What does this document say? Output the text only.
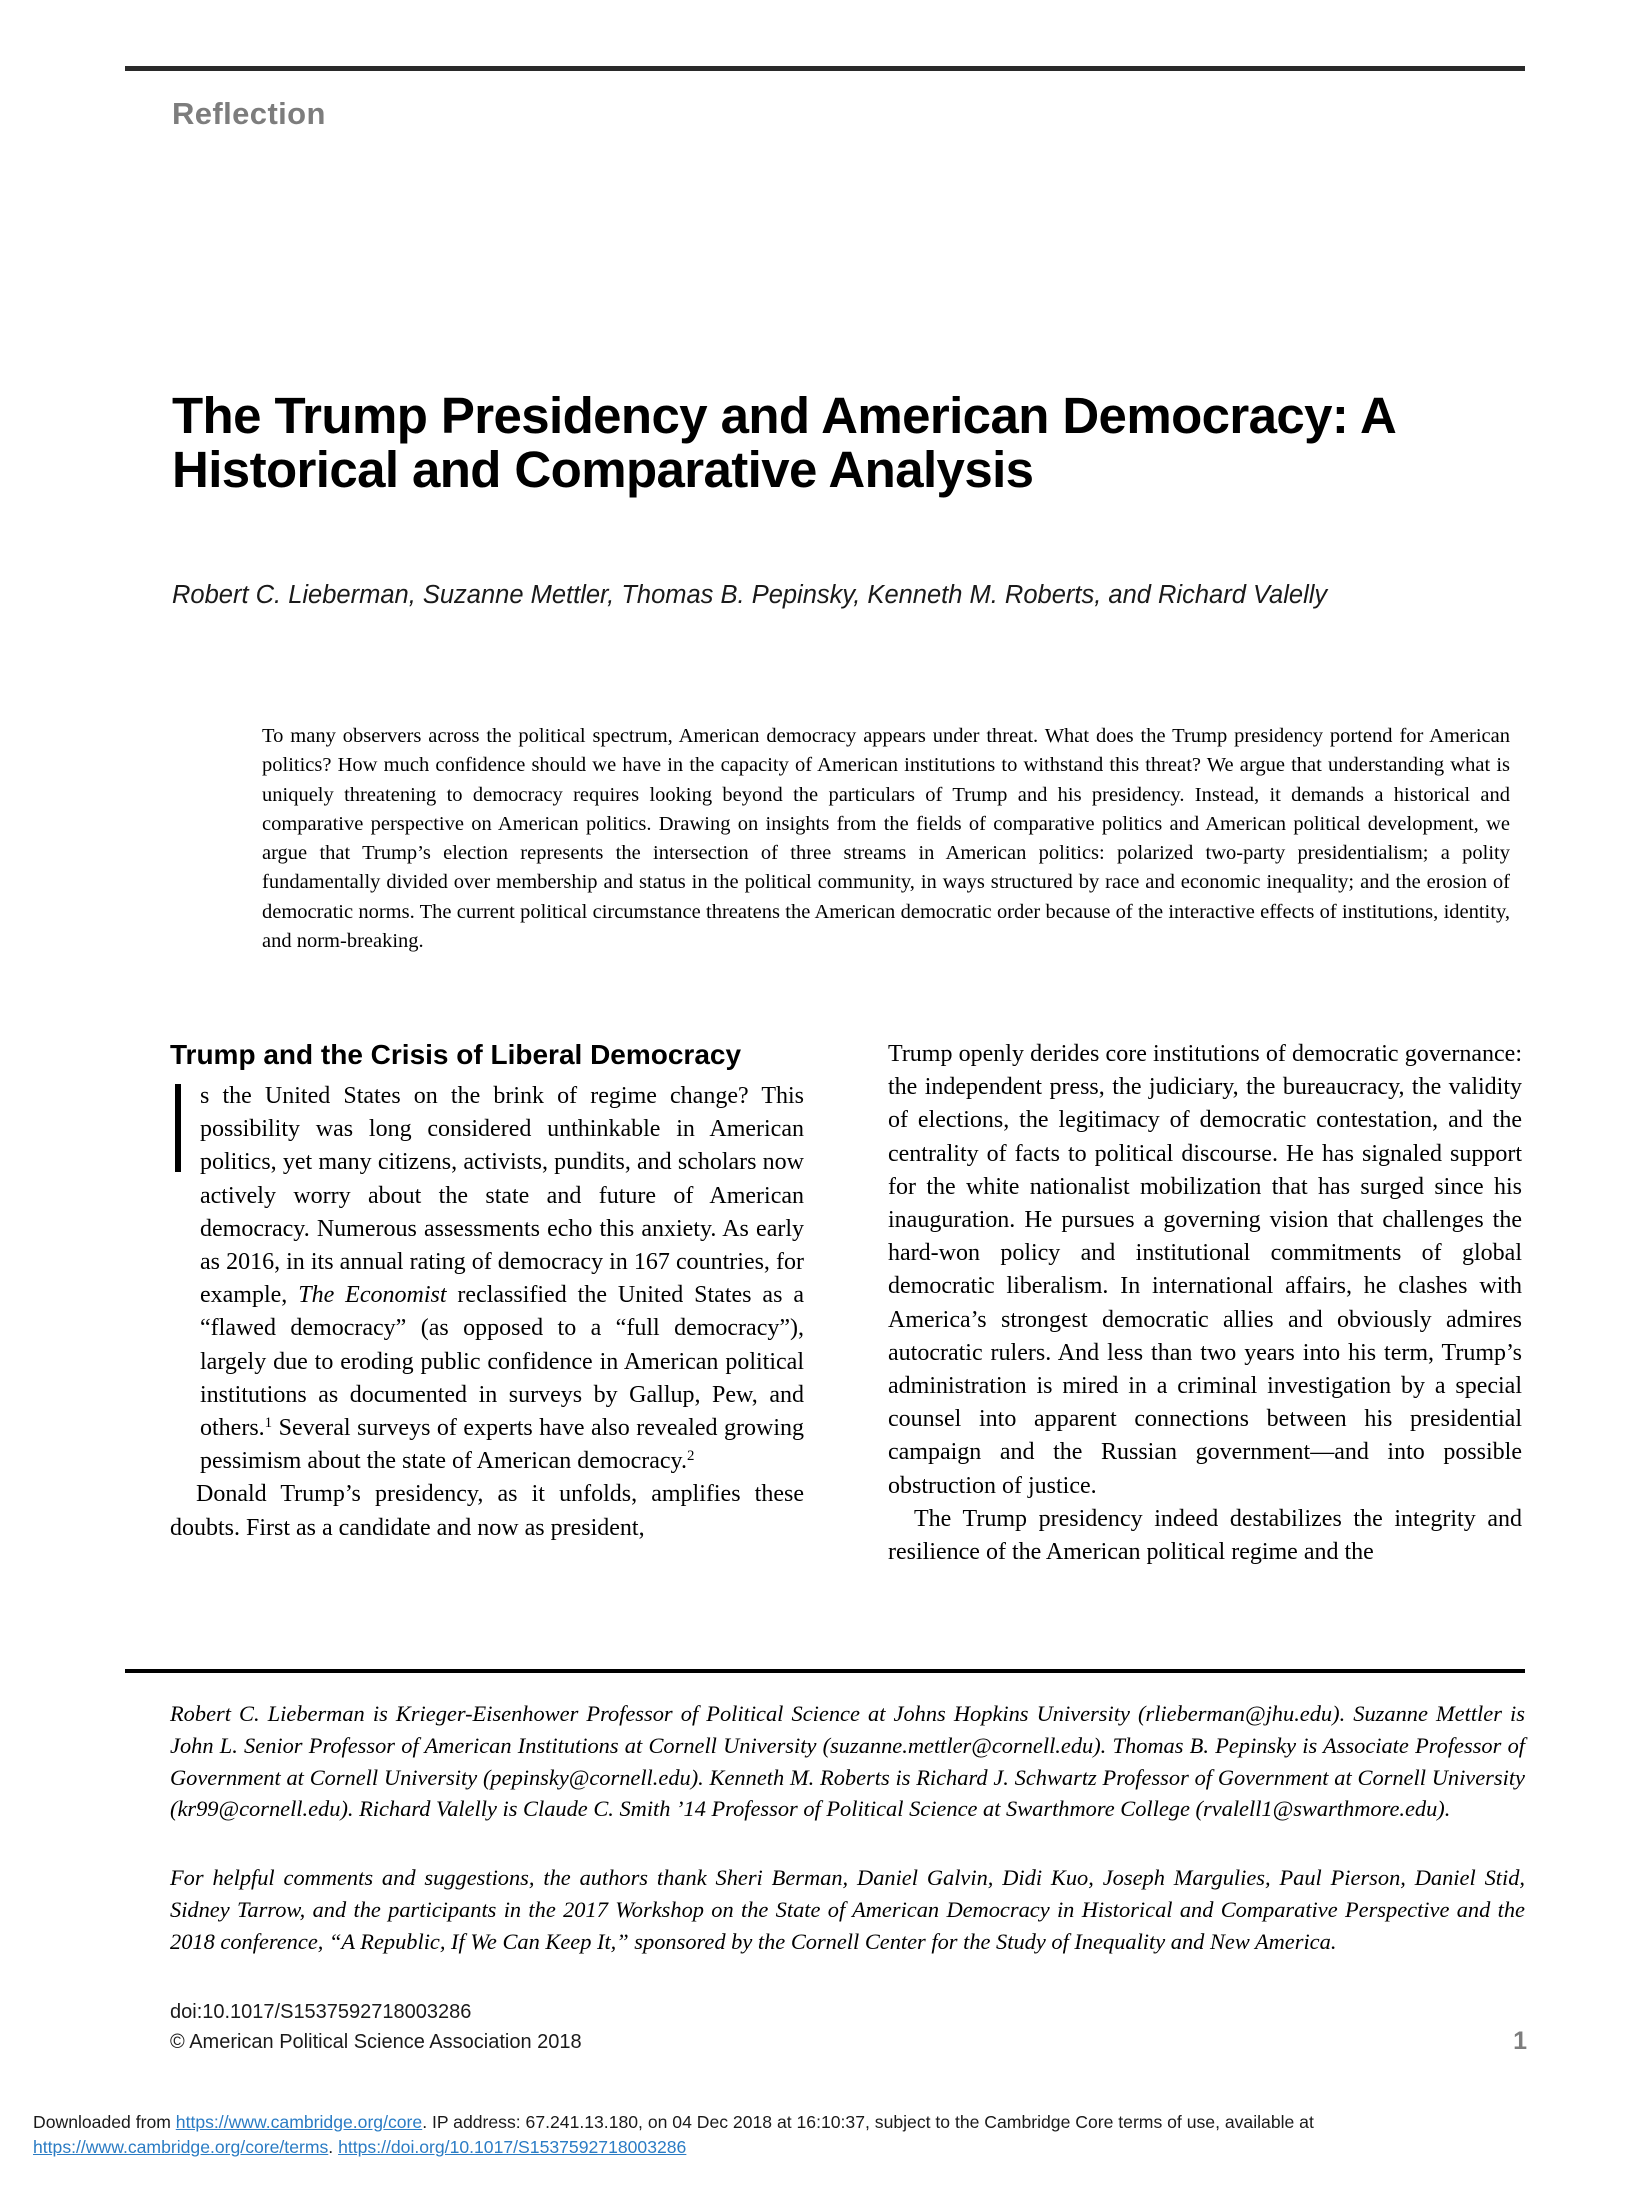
Reflection
The Trump Presidency and American Democracy: A Historical and Comparative Analysis
Robert C. Lieberman, Suzanne Mettler, Thomas B. Pepinsky, Kenneth M. Roberts, and Richard Valelly
To many observers across the political spectrum, American democracy appears under threat. What does the Trump presidency portend for American politics? How much confidence should we have in the capacity of American institutions to withstand this threat? We argue that understanding what is uniquely threatening to democracy requires looking beyond the particulars of Trump and his presidency. Instead, it demands a historical and comparative perspective on American politics. Drawing on insights from the fields of comparative politics and American political development, we argue that Trump’s election represents the intersection of three streams in American politics: polarized two-party presidentialism; a polity fundamentally divided over membership and status in the political community, in ways structured by race and economic inequality; and the erosion of democratic norms. The current political circumstance threatens the American democratic order because of the interactive effects of institutions, identity, and norm-breaking.
Trump and the Crisis of Liberal Democracy

s the United States on the brink of regime change? This possibility was long considered unthinkable in American politics, yet many citizens, activists, pundits, and scholars now actively worry about the state and future of American democracy. Numerous assessments echo this anxiety. As early as 2016, in its annual rating of democracy in 167 countries, for example, The Economist reclassified the United States as a “flawed democracy” (as opposed to a “full democracy”), largely due to eroding public confidence in American political institutions as documented in surveys by Gallup, Pew, and others.$^1$ Several surveys of experts have also revealed growing pessimism about the state of American democracy.$^2$

Donald Trump’s presidency, as it unfolds, amplifies these doubts. First as a candidate and now as president,

Trump openly derides core institutions of democratic governance: the independent press, the judiciary, the bureaucracy, the validity of elections, the legitimacy of democratic contestation, and the centrality of facts to political discourse. He has signaled support for the white nationalist mobilization that has surged since his inauguration. He pursues a governing vision that challenges the hard-won policy and institutional commitments of global democratic liberalism. In international affairs, he clashes with America’s strongest democratic allies and obviously admires autocratic rulers. And less than two years into his term, Trump’s administration is mired in a criminal investigation by a special counsel into apparent connections between his presidential campaign and the Russian government—and into possible obstruction of justice.

The Trump presidency indeed destabilizes the integrity and resilience of the American political regime and the

Robert C. Lieberman is Krieger-Eisenhower Professor of Political Science at Johns Hopkins University (rlieberman@jhu.edu). Suzanne Mettler is John L. Senior Professor of American Institutions at Cornell University (suzanne.mettler@cornell.edu). Thomas B. Pepinsky is Associate Professor of Government at Cornell University (pepinsky@cornell.edu). Kenneth M. Roberts is Richard J. Schwartz Professor of Government at Cornell University (kr99@cornell.edu). Richard Valelly is Claude C. Smith ’14 Professor of Political Science at Swarthmore College (rvalell1@swarthmore.edu).
For helpful comments and suggestions, the authors thank Sheri Berman, Daniel Galvin, Didi Kuo, Joseph Margulies, Paul Pierson, Daniel Stid, Sidney Tarrow, and the participants in the 2017 Workshop on the State of American Democracy in Historical and Comparative Perspective and the 2018 conference, “A Republic, If We Can Keep It,” sponsored by the Cornell Center for the Study of Inequality and New America.
doi:10.1017/S1537592718003286
© American Political Science Association 2018	1
Downloaded from https://www.cambridge.org/core. IP address: 67.241.13.180, on 04 Dec 2018 at 16:10:37, subject to the Cambridge Core terms of use, available at
https://www.cambridge.org/core/terms. https://doi.org/10.1017/S1537592718003286
